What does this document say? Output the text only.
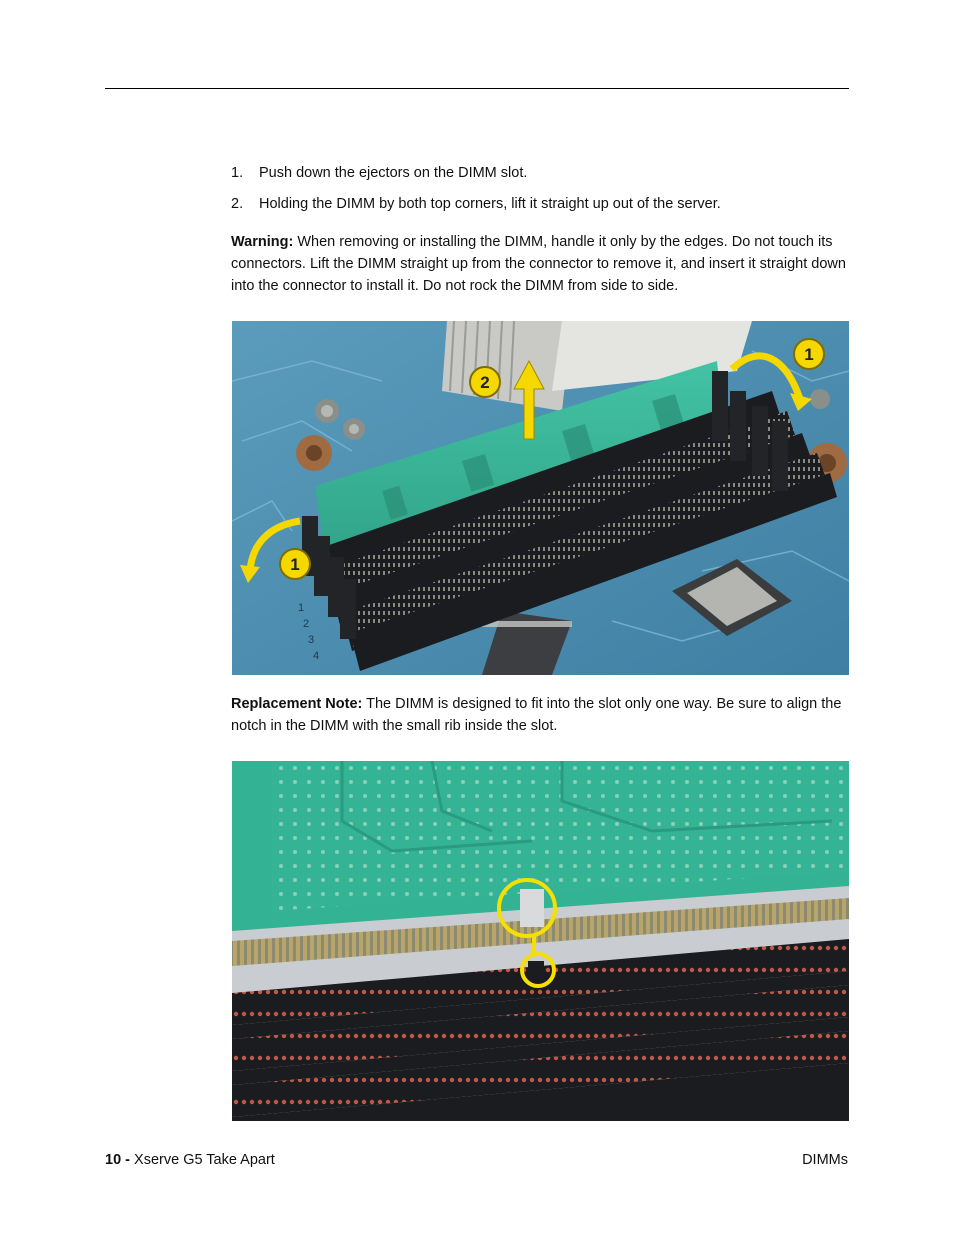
1. Push down the ejectors on the DIMM slot.
2. Holding the DIMM by both top corners, lift it straight up out of the server.
Warning: When removing or installing the DIMM, handle it only by the edges. Do not touch its connectors. Lift the DIMM straight up from the connector to remove it, and insert it straight down into the connector to install it. Do not rock the DIMM from side to side.
2
1
1
1
2
3
4
Replacement Note: The DIMM is designed to fit into the slot only one way. Be sure to align the notch in the DIMM with the small rib inside the slot.
10 - Xserve G5 Take Apart	DIMMs
